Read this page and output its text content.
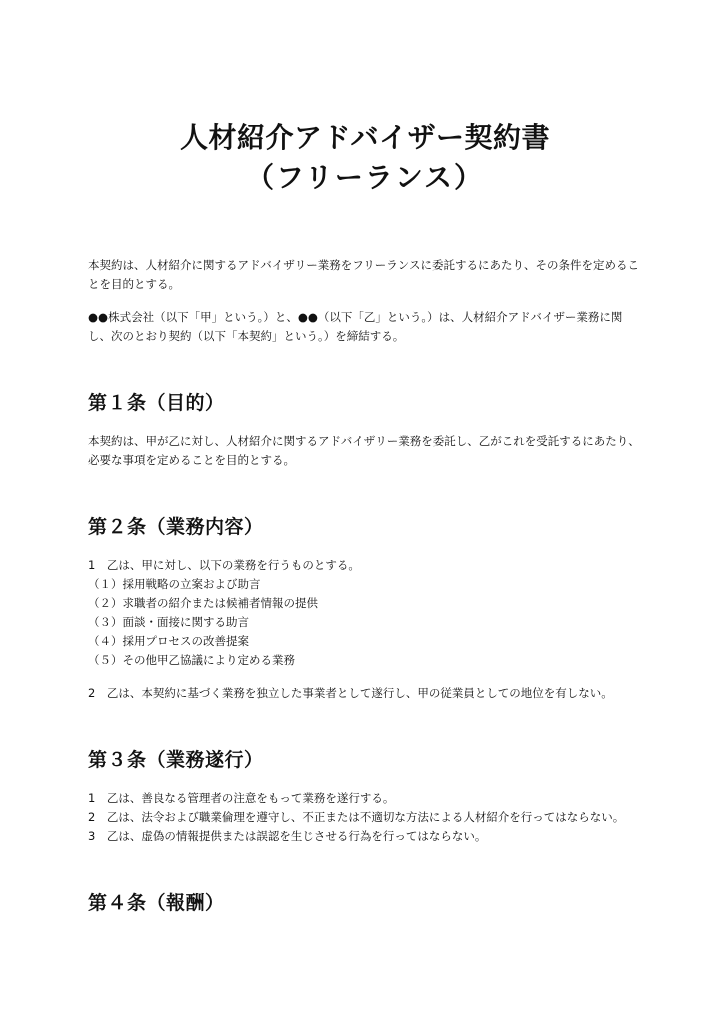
人材紹介アドバイザー契約書
（フリーランス）

本契約は、人材紹介に関するアドバイザリー業務をフリーランスに委託するにあたり、その条件を定めることを目的とする。

●●株式会社（以下「甲」という。）と、●●（以下「乙」という。）は、人材紹介アドバイザー業務に関し、次のとおり契約（以下「本契約」という。）を締結する。

第１条（目的）

本契約は、甲が乙に対し、人材紹介に関するアドバイザリー業務を委託し、乙がこれを受託するにあたり、必要な事項を定めることを目的とする。

第２条（業務内容）
1　乙は、甲に対し、以下の業務を行うものとする。
（１）採用戦略の立案および助言
（２）求職者の紹介または候補者情報の提供
（３）面談・面接に関する助言
（４）採用プロセスの改善提案
（５）その他甲乙協議により定める業務
2　乙は、本契約に基づく業務を独立した事業者として遂行し、甲の従業員としての地位を有しない。
第３条（業務遂行）
1　乙は、善良なる管理者の注意をもって業務を遂行する。
2　乙は、法令および職業倫理を遵守し、不正または不適切な方法による人材紹介を行ってはならない。
3　乙は、虚偽の情報提供または誤認を生じさせる行為を行ってはならない。
第４条（報酬）
